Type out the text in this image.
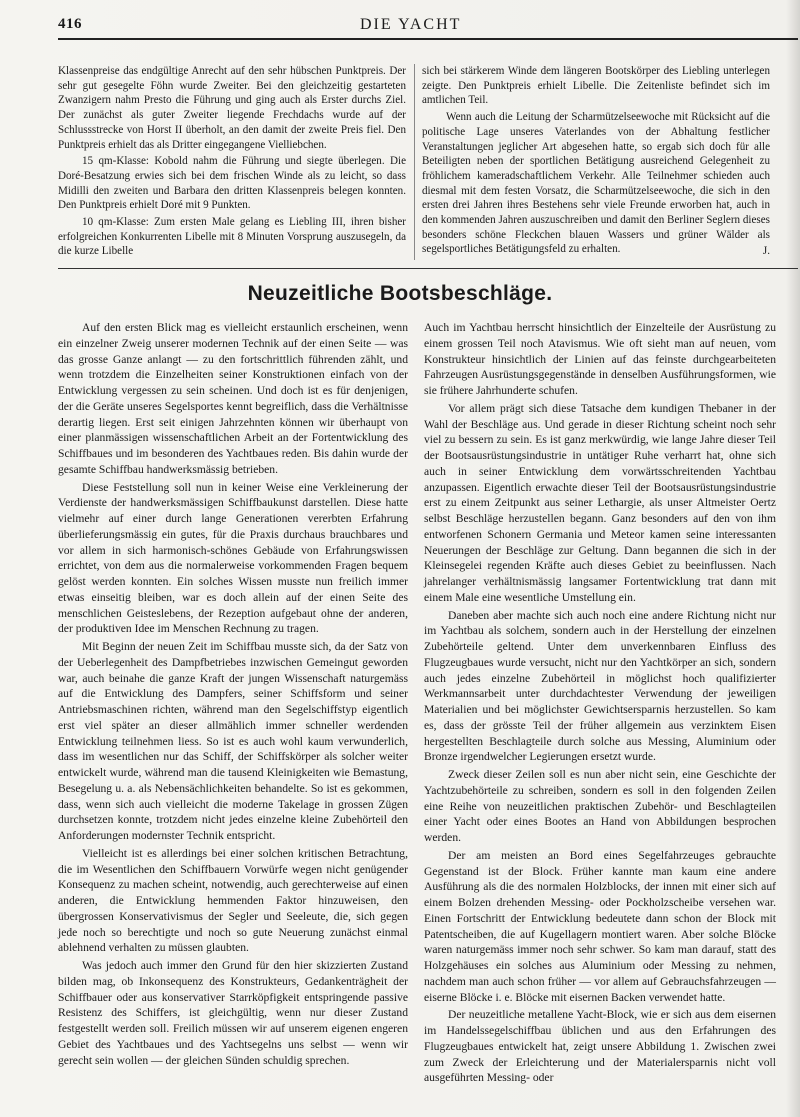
416	DIE YACHT

Klassenpreise das endgültige Anrecht auf den sehr hübschen Punktpreis. Der sehr gut gesegelte Föhn wurde Zweiter. Bei den gleichzeitig gestarteten Zwanzigern nahm Presto die Führung und ging auch als Erster durchs Ziel. Der zunächst als guter Zweiter liegende Frechdachs wurde auf der Schlussstrecke von Horst II überholt, an den damit der zweite Preis fiel. Den Punktpreis erhielt das als Dritter eingegangene Vielliebchen.

15 qm-Klasse: Kobold nahm die Führung und siegte überlegen. Die Doré-Besatzung erwies sich bei dem frischen Winde als zu leicht, so dass Midilli den zweiten und Barbara den dritten Klassenpreis belegen konnten. Den Punktpreis erhielt Doré mit 9 Punkten.

10 qm-Klasse: Zum ersten Male gelang es Liebling III, ihren bisher erfolgreichen Konkurrenten Libelle mit 8 Minuten Vorsprung auszusegeln, da die kurze Libelle

sich bei stärkerem Winde dem längeren Bootskörper des Liebling unterlegen zeigte. Den Punktpreis erhielt Libelle. Die Zeitenliste befindet sich im amtlichen Teil.

Wenn auch die Leitung der Scharmützelseewoche mit Rücksicht auf die politische Lage unseres Vaterlandes von der Abhaltung festlicher Veranstaltungen jeglicher Art abgesehen hatte, so ergab sich doch für alle Beteiligten neben der sportlichen Betätigung ausreichend Gelegenheit zu fröhlichem kameradschaftlichem Verkehr. Alle Teilnehmer schieden auch diesmal mit dem festen Vorsatz, die Scharmützelseewoche, die sich in den ersten drei Jahren ihres Bestehens sehr viele Freunde erworben hat, auch in den kommenden Jahren auszuschreiben und damit den Berliner Seglern dieses besonders schöne Fleckchen blauen Wassers und grüner Wälder als segelsportliches Betätigungsfeld zu erhalten.	J.

Neuzeitliche Bootsbeschläge.

Auf den ersten Blick mag es vielleicht erstaunlich erscheinen, wenn ein einzelner Zweig unserer modernen Technik auf der einen Seite — was das grosse Ganze anlangt — zu den fortschrittlich führenden zählt, und wenn trotzdem die Einzelheiten seiner Konstruktionen einfach von der Entwicklung vergessen zu sein scheinen. Und doch ist es für denjenigen, der die Geräte unseres Segelsportes kennt begreiflich, dass die Verhältnisse derartig liegen. Erst seit einigen Jahrzehnten können wir überhaupt von einer planmässigen wissenschaftlichen Arbeit an der Fortentwicklung des Schiffbaues und im besonderen des Yachtbaues reden. Bis dahin wurde der gesamte Schiffbau handwerksmässig betrieben.

Diese Feststellung soll nun in keiner Weise eine Verkleinerung der Verdienste der handwerksmässigen Schiffbaukunst darstellen. Diese hatte vielmehr auf einer durch lange Generationen vererbten Erfahrung überlieferungsmässig ein gutes, für die Praxis durchaus brauchbares und vor allem in sich harmonisch-schönes Gebäude von Erfahrungswissen errichtet, von dem aus die normalerweise vorkommenden Fragen bequem gelöst werden konnten. Ein solches Wissen musste nun freilich immer etwas einseitig bleiben, war es doch allein auf der einen Seite des menschlichen Geisteslebens, der Rezeption aufgebaut ohne der anderen, der produktiven Idee im Menschen Rechnung zu tragen.

Mit Beginn der neuen Zeit im Schiffbau musste sich, da der Satz von der Ueberlegenheit des Dampfbetriebes inzwischen Gemeingut geworden war, auch beinahe die ganze Kraft der jungen Wissenschaft naturgemäss auf die Entwicklung des Dampfers, seiner Schiffsform und seiner Antriebsmaschinen richten, während man den Segelschiffstyp eigentlich erst viel später an dieser allmählich immer schneller werdenden Entwicklung teilnehmen liess. So ist es auch wohl kaum verwunderlich, dass im wesentlichen nur das Schiff, der Schiffskörper als solcher weiter entwickelt wurde, während man die tausend Kleinigkeiten wie Bemastung, Besegelung u. a. als Nebensächlichkeiten behandelte. So ist es gekommen, dass, wenn sich auch vielleicht die moderne Takelage in grossen Zügen durchsetzen konnte, trotzdem nicht jedes einzelne kleine Zubehörteil den Anforderungen modernster Technik entspricht.

Vielleicht ist es allerdings bei einer solchen kritischen Betrachtung, die im Wesentlichen den Schiffbauern Vorwürfe wegen nicht genügender Konsequenz zu machen scheint, notwendig, auch gerechterweise auf einen anderen, die Entwicklung hemmenden Faktor hinzuweisen, den übergrossen Konservativismus der Segler und Seeleute, die, sich gegen jede noch so berechtigte und noch so gute Neuerung zunächst einmal ablehnend verhalten zu müssen glaubten.

Was jedoch auch immer den Grund für den hier skizzierten Zustand bilden mag, ob Inkonsequenz des Konstrukteurs, Gedankenträgheit der Schiffbauer oder aus konservativer Starrköpfigkeit entspringende passive Resistenz des Schiffers, ist gleichgültig, wenn nur dieser Zustand festgestellt werden soll. Freilich müssen wir auf unserem eigenen engeren Gebiet des Yachtbaues und des Yachtsegelns uns selbst — wenn wir gerecht sein wollen — der gleichen Sünden schuldig sprechen.

Auch im Yachtbau herrscht hinsichtlich der Einzelteile der Ausrüstung zu einem grossen Teil noch Atavismus. Wie oft sieht man auf neuen, vom Konstrukteur hinsichtlich der Linien auf das feinste durchgearbeiteten Fahrzeugen Ausrüstungsgegenstände in denselben Ausführungsformen, wie sie frühere Jahrhunderte schufen.

Vor allem prägt sich diese Tatsache dem kundigen Thebaner in der Wahl der Beschläge aus. Und gerade in dieser Richtung scheint noch sehr viel zu bessern zu sein. Es ist ganz merkwürdig, wie lange Jahre dieser Teil der Bootsausrüstungsindustrie in untätiger Ruhe verharrt hat, ohne sich auch in seiner Entwicklung dem vorwärtsschreitenden Yachtbau anzupassen. Eigentlich erwachte dieser Teil der Bootsausrüstungsindustrie erst zu einem Zeitpunkt aus seiner Lethargie, als unser Altmeister Oertz selbst Beschläge herzustellen begann. Ganz besonders auf den von ihm entworfenen Schonern Germania und Meteor kamen seine interessanten Neuerungen der Beschläge zur Geltung. Dann begannen die sich in der Kleinsegelei regenden Kräfte auch dieses Gebiet zu beeinflussen. Nach jahrelanger verhältnismässig langsamer Fortentwicklung trat dann mit einem Male eine wesentliche Umstellung ein.

Daneben aber machte sich auch noch eine andere Richtung nicht nur im Yachtbau als solchem, sondern auch in der Herstellung der einzelnen Zubehörteile geltend. Unter dem unverkennbaren Einfluss des Flugzeugbaues wurde versucht, nicht nur den Yachtkörper an sich, sondern auch jedes einzelne Zubehörteil in möglichst hoch qualifizierter Werkmannsarbeit unter durchdachtester Verwendung der jeweiligen Materialien und bei möglichster Gewichtsersparnis herzustellen. So kam es, dass der grösste Teil der früher allgemein aus verzinktem Eisen hergestellten Beschlagteile durch solche aus Messing, Aluminium oder Bronze irgendwelcher Legierungen ersetzt wurde.

Zweck dieser Zeilen soll es nun aber nicht sein, eine Geschichte der Yachtzubehörteile zu schreiben, sondern es soll in den folgenden Zeilen eine Reihe von neuzeitlichen praktischen Zubehör- und Beschlagteilen einer Yacht oder eines Bootes an Hand von Abbildungen besprochen werden.

Der am meisten an Bord eines Segelfahrzeuges gebrauchte Gegenstand ist der Block. Früher kannte man kaum eine andere Ausführung als die des normalen Holzblocks, der innen mit einer sich auf einem Bolzen drehenden Messing- oder Pockholzscheibe versehen war. Einen Fortschritt der Entwicklung bedeutete dann schon der Block mit Patentscheiben, die auf Kugellagern montiert waren. Aber solche Blöcke waren naturgemäss immer noch sehr schwer. So kam man darauf, statt des Holzgehäuses ein solches aus Aluminium oder Messing zu nehmen, nachdem man auch schon früher — vor allem auf Gebrauchsfahrzeugen — eiserne Blöcke i. e. Blöcke mit eisernen Backen verwendet hatte.

Der neuzeitliche metallene Yacht-Block, wie er sich aus dem eisernen im Handelssegelschiffbau üblichen und aus den Erfahrungen des Flugzeugbaues entwickelt hat, zeigt unsere Abbildung 1. Zwischen zwei zum Zweck der Erleichterung und der Materialersparnis nicht voll ausgeführten Messing- oder
